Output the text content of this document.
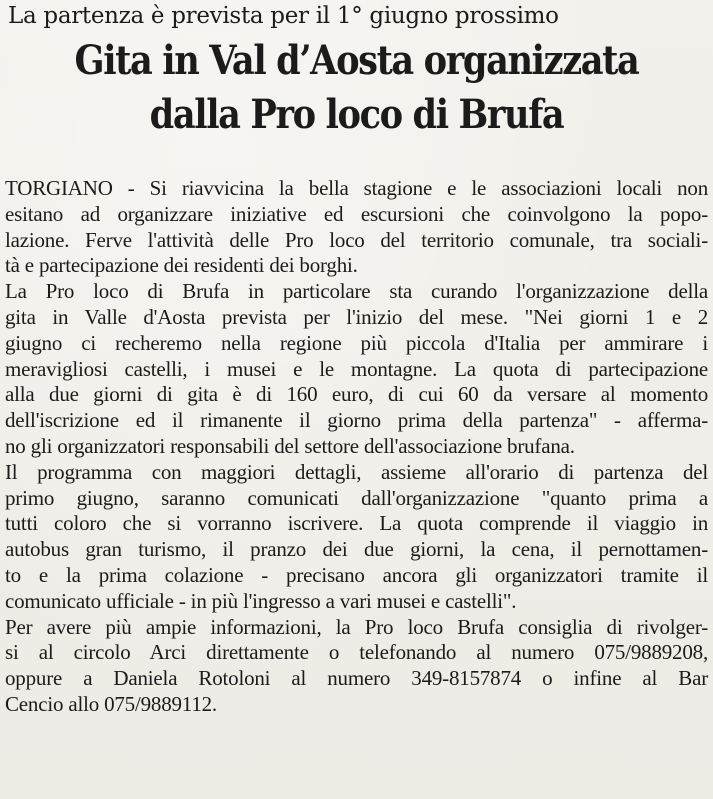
La partenza è prevista per il 1° giugno prossimo
Gita in Val d’Aosta organizzata
dalla Pro loco di Brufa
TORGIANO - Si riavvicina la bella stagione e le associazioni locali non
esitano ad organizzare iniziative ed escursioni che coinvolgono la popo-
lazione. Ferve l'attività delle Pro loco del territorio comunale, tra sociali-
tà e partecipazione dei residenti dei borghi.
La Pro loco di Brufa in particolare sta curando l'organizzazione della
gita in Valle d'Aosta prevista per l'inizio del mese. "Nei giorni 1 e 2
giugno ci recheremo nella regione più piccola d'Italia per ammirare i
meravigliosi castelli, i musei e le montagne. La quota di partecipazione
alla due giorni di gita è di 160 euro, di cui 60 da versare al momento
dell'iscrizione ed il rimanente il giorno prima della partenza" - afferma-
no gli organizzatori responsabili del settore dell'associazione brufana.
Il programma con maggiori dettagli, assieme all'orario di partenza del
primo giugno, saranno comunicati dall'organizzazione "quanto prima a
tutti coloro che si vorranno iscrivere. La quota comprende il viaggio in
autobus gran turismo, il pranzo dei due giorni, la cena, il pernottamen-
to e la prima colazione - precisano ancora gli organizzatori tramite il
comunicato ufficiale - in più l'ingresso a vari musei e castelli".
Per avere più ampie informazioni, la Pro loco Brufa consiglia di rivolger-
si al circolo Arci direttamente o telefonando al numero 075/9889208,
oppure a Daniela Rotoloni al numero 349-8157874 o infine al Bar
Cencio allo 075/9889112.
